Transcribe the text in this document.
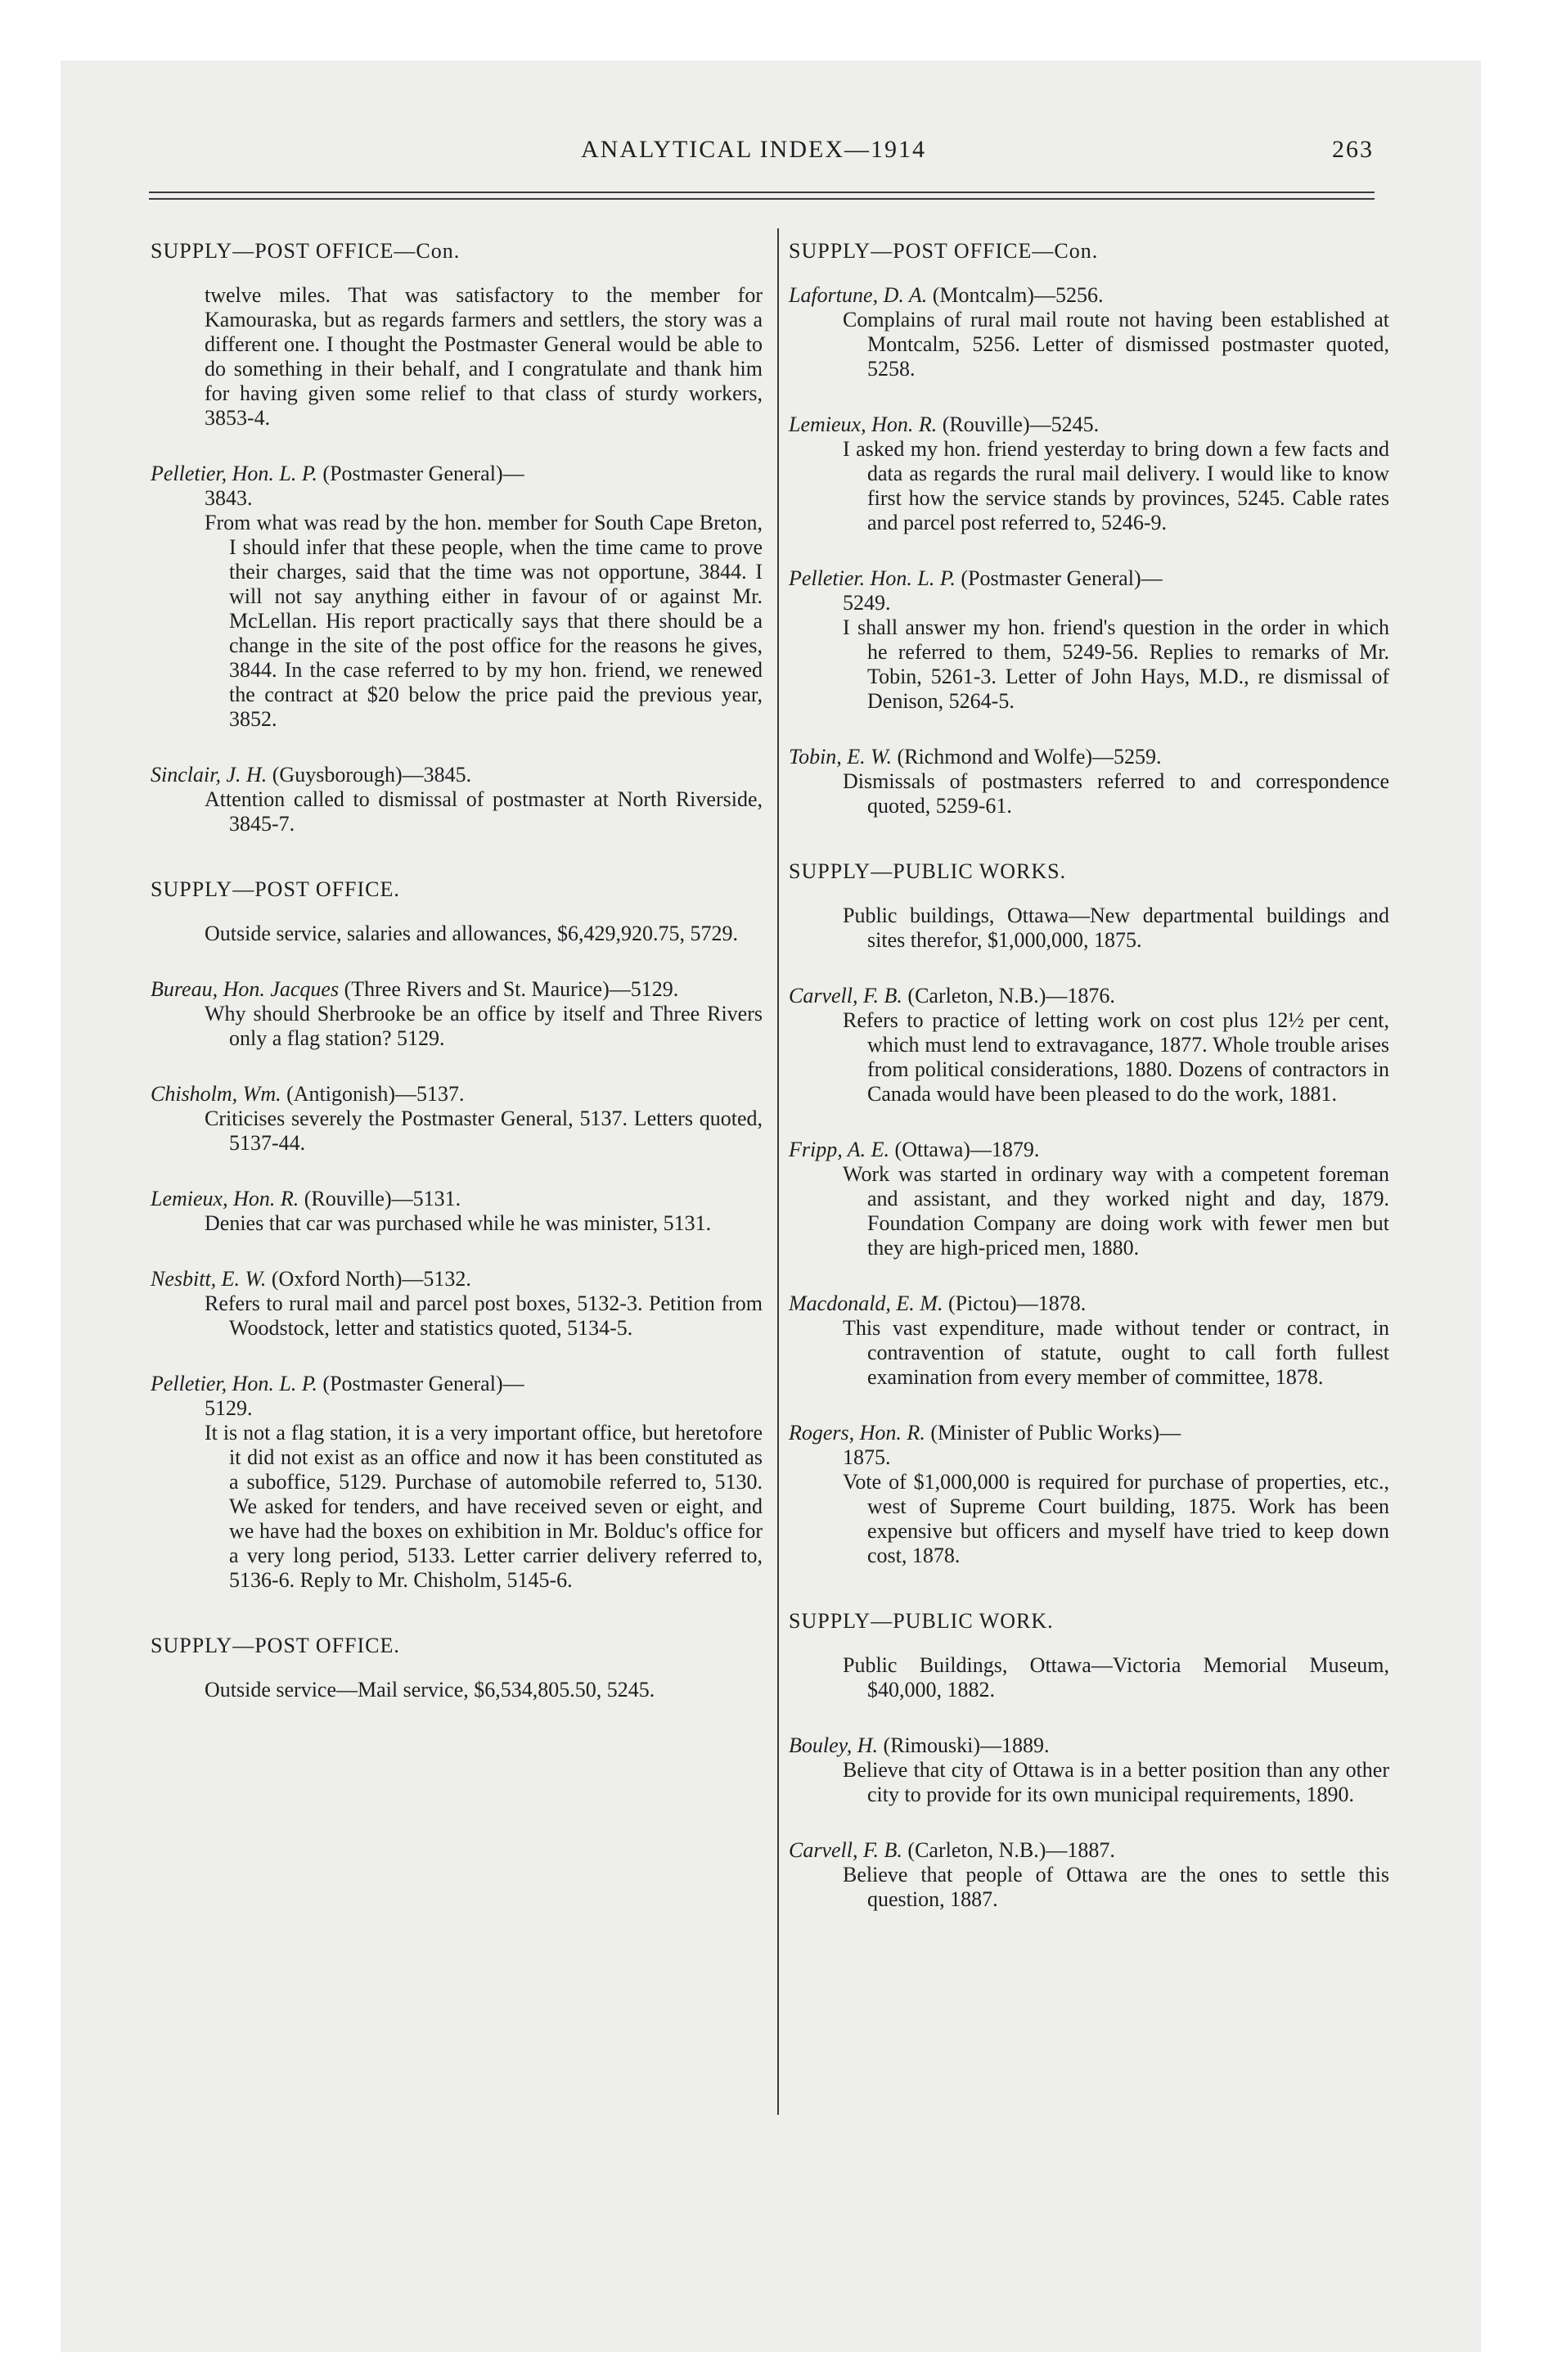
ANALYTICAL INDEX—1914	263
SUPPLY—POST OFFICE—Con.
twelve miles. That was satisfactory to the member for Kamouraska, but as regards farmers and settlers, the story was a different one. I thought the Postmaster General would be able to do something in their behalf, and I congratulate and thank him for having given some relief to that class of sturdy workers, 3853-4.
Pelletier, Hon. L. P. (Postmaster General)—
3843.
From what was read by the hon. member for South Cape Breton, I should infer that these people, when the time came to prove their charges, said that the time was not opportune, 3844. I will not say anything either in favour of or against Mr. McLellan. His report practically says that there should be a change in the site of the post office for the reasons he gives, 3844. In the case referred to by my hon. friend, we renewed the contract at $20 below the price paid the previous year, 3852.
Sinclair, J. H. (Guysborough)—3845.
Attention called to dismissal of postmaster at North Riverside, 3845-7.
SUPPLY—POST OFFICE.
Outside service, salaries and allowances, $6,429,920.75, 5729.
Bureau, Hon. Jacques (Three Rivers and St. Maurice)—5129.
Why should Sherbrooke be an office by itself and Three Rivers only a flag station? 5129.
Chisholm, Wm. (Antigonish)—5137.
Criticises severely the Postmaster General, 5137. Letters quoted, 5137-44.
Lemieux, Hon. R. (Rouville)—5131.
Denies that car was purchased while he was minister, 5131.
Nesbitt, E. W. (Oxford North)—5132.
Refers to rural mail and parcel post boxes, 5132-3. Petition from Woodstock, letter and statistics quoted, 5134-5.
Pelletier, Hon. L. P. (Postmaster General)—
5129.
It is not a flag station, it is a very important office, but heretofore it did not exist as an office and now it has been constituted as a suboffice, 5129. Purchase of automobile referred to, 5130. We asked for tenders, and have received seven or eight, and we have had the boxes on exhibition in Mr. Bolduc's office for a very long period, 5133. Letter carrier delivery referred to, 5136-6. Reply to Mr. Chisholm, 5145-6.
SUPPLY—POST OFFICE.
Outside service—Mail service, $6,534,805.50, 5245.
SUPPLY—POST OFFICE—Con.
Lafortune, D. A. (Montcalm)—5256.
Complains of rural mail route not having been established at Montcalm, 5256. Letter of dismissed postmaster quoted, 5258.
Lemieux, Hon. R. (Rouville)—5245.
I asked my hon. friend yesterday to bring down a few facts and data as regards the rural mail delivery. I would like to know first how the service stands by provinces, 5245. Cable rates and parcel post referred to, 5246-9.
Pelletier. Hon. L. P. (Postmaster General)—
5249.
I shall answer my hon. friend's question in the order in which he referred to them, 5249-56. Replies to remarks of Mr. Tobin, 5261-3. Letter of John Hays, M.D., re dismissal of Denison, 5264-5.
Tobin, E. W. (Richmond and Wolfe)—5259.
Dismissals of postmasters referred to and correspondence quoted, 5259-61.
SUPPLY—PUBLIC WORKS.
Public buildings, Ottawa—New departmental buildings and sites therefor, $1,000,000, 1875.
Carvell, F. B. (Carleton, N.B.)—1876.
Refers to practice of letting work on cost plus 12½ per cent, which must lend to extravagance, 1877. Whole trouble arises from political considerations, 1880. Dozens of contractors in Canada would have been pleased to do the work, 1881.
Fripp, A. E. (Ottawa)—1879.
Work was started in ordinary way with a competent foreman and assistant, and they worked night and day, 1879. Foundation Company are doing work with fewer men but they are high-priced men, 1880.
Macdonald, E. M. (Pictou)—1878.
This vast expenditure, made without tender or contract, in contravention of statute, ought to call forth fullest examination from every member of committee, 1878.
Rogers, Hon. R. (Minister of Public Works)—
1875.
Vote of $1,000,000 is required for purchase of properties, etc., west of Supreme Court building, 1875. Work has been expensive but officers and myself have tried to keep down cost, 1878.
SUPPLY—PUBLIC WORK.
Public Buildings, Ottawa—Victoria Memorial Museum, $40,000, 1882.
Bouley, H. (Rimouski)—1889.
Believe that city of Ottawa is in a better position than any other city to provide for its own municipal requirements, 1890.
Carvell, F. B. (Carleton, N.B.)—1887.
Believe that people of Ottawa are the ones to settle this question, 1887.
